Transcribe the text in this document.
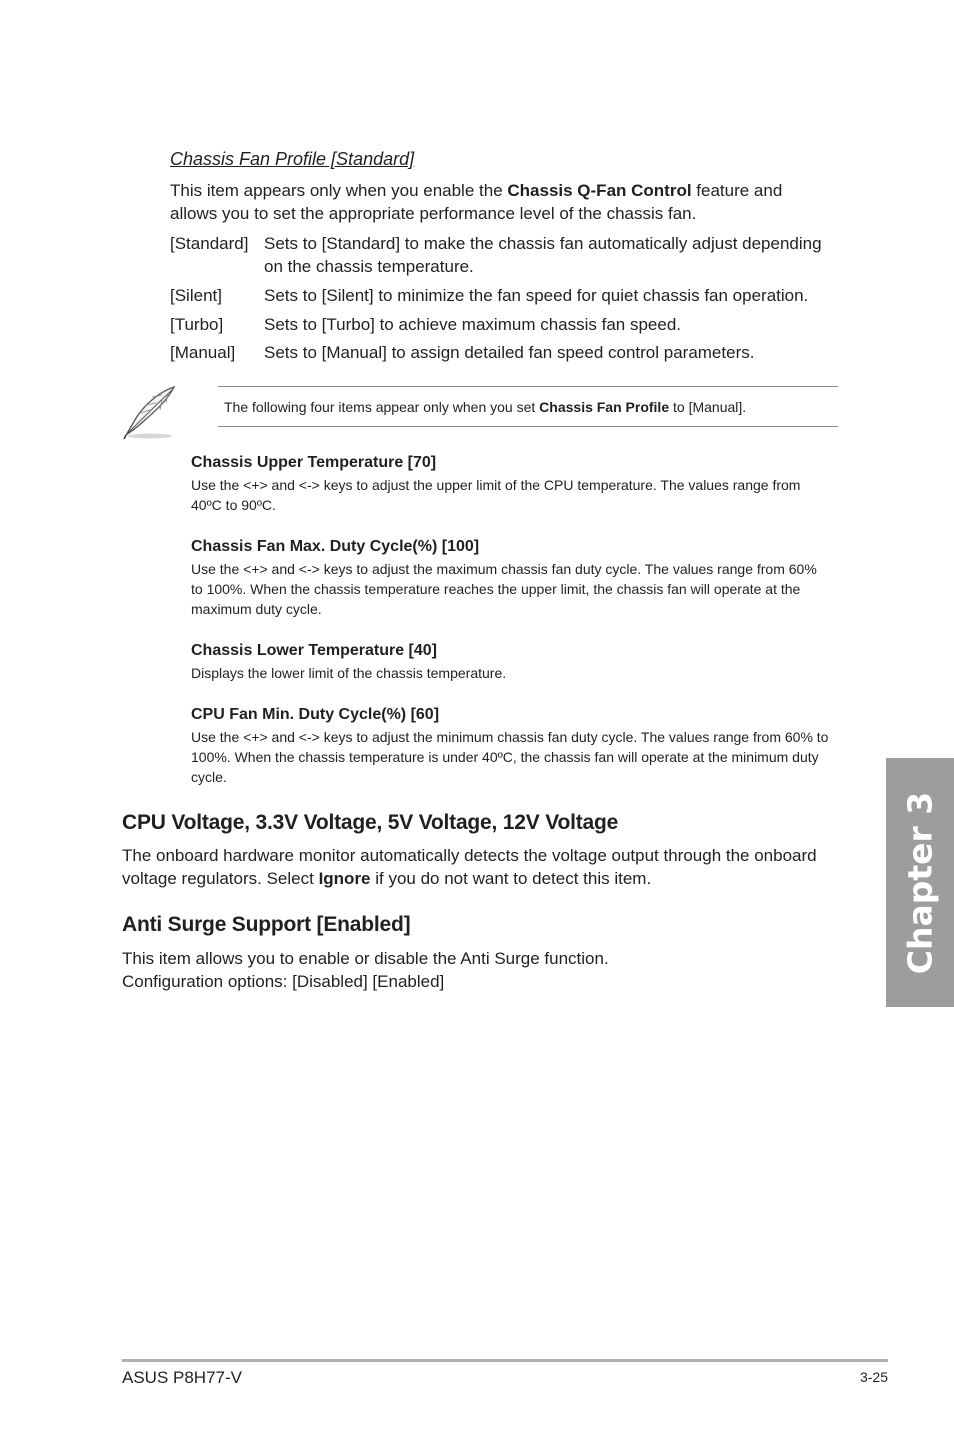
Chassis Fan Profile [Standard]
This item appears only when you enable the Chassis Q-Fan Control feature and allows you to set the appropriate performance level of the chassis fan.
[Standard] Sets to [Standard] to make the chassis fan automatically adjust depending on the chassis temperature.
[Silent] Sets to [Silent] to minimize the fan speed for quiet chassis fan operation.
[Turbo] Sets to [Turbo] to achieve maximum chassis fan speed.
[Manual] Sets to [Manual] to assign detailed fan speed control parameters.
The following four items appear only when you set Chassis Fan Profile to [Manual].
Chassis Upper Temperature [70]
Use the <+> and <-> keys to adjust the upper limit of the CPU temperature. The values range from 40ºC to 90ºC.
Chassis Fan Max. Duty Cycle(%) [100]
Use the <+> and <-> keys to adjust the maximum chassis fan duty cycle. The values range from 60% to 100%. When the chassis temperature reaches the upper limit, the chassis fan will operate at the maximum duty cycle.
Chassis Lower Temperature [40]
Displays the lower limit of the chassis temperature.
CPU Fan Min. Duty Cycle(%) [60]
Use the <+> and <-> keys to adjust the minimum chassis fan duty cycle. The values range from 60% to 100%. When the chassis temperature is under 40ºC, the chassis fan will operate at the minimum duty cycle.
CPU Voltage, 3.3V Voltage, 5V Voltage, 12V Voltage
The onboard hardware monitor automatically detects the voltage output through the onboard voltage regulators. Select Ignore if you do not want to detect this item.
Anti Surge Support [Enabled]
This item allows you to enable or disable the Anti Surge function.
Configuration options: [Disabled] [Enabled]
Chapter 3
ASUS P8H77-V	3-25
